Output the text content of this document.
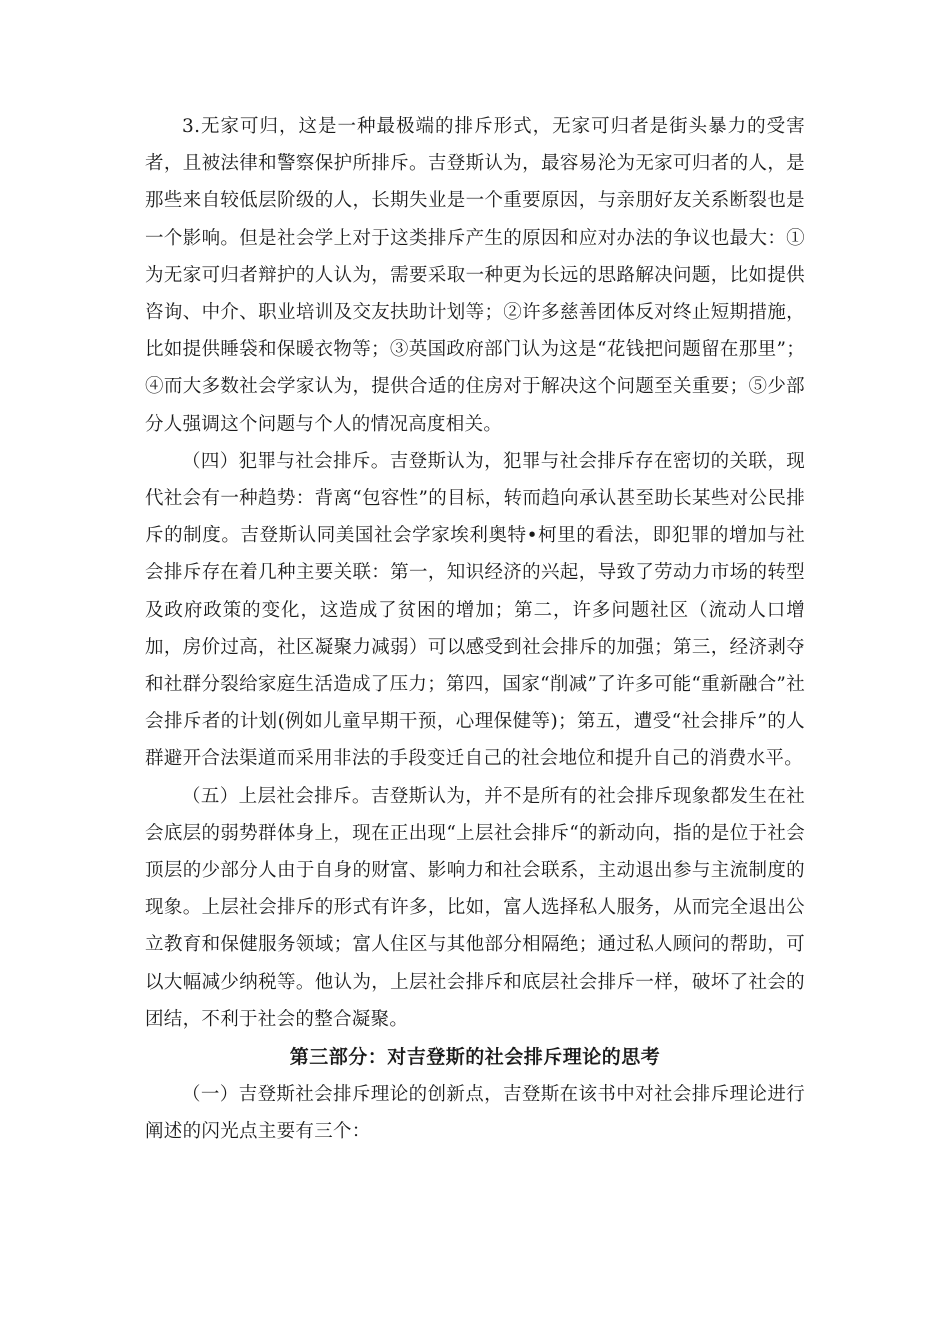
3.无家可归，这是一种最极端的排斥形式，无家可归者是街头暴力的受害者，且被法律和警察保护所排斥。吉登斯认为，最容易沦为无家可归者的人，是那些来自较低层阶级的人，长期失业是一个重要原因，与亲朋好友关系断裂也是一个影响。但是社会学上对于这类排斥产生的原因和应对办法的争议也最大：①为无家可归者辩护的人认为，需要采取一种更为长远的思路解决问题，比如提供咨询、中介、职业培训及交友扶助计划等；②许多慈善团体反对终止短期措施，比如提供睡袋和保暖衣物等；③英国政府部门认为这是“花钱把问题留在那里”；④而大多数社会学家认为，提供合适的住房对于解决这个问题至关重要；⑤少部分人强调这个问题与个人的情况高度相关。

（四）犯罪与社会排斥。吉登斯认为，犯罪与社会排斥存在密切的关联，现代社会有一种趋势：背离“包容性”的目标，转而趋向承认甚至助长某些对公民排斥的制度。吉登斯认同美国社会学家埃利奥特•柯里的看法，即犯罪的增加与社会排斥存在着几种主要关联：第一，知识经济的兴起，导致了劳动力市场的转型及政府政策的变化，这造成了贫困的增加；第二，许多问题社区（流动人口增加，房价过高，社区凝聚力减弱）可以感受到社会排斥的加强；第三，经济剥夺和社群分裂给家庭生活造成了压力；第四，国家“削减”了许多可能“重新融合”社会排斥者的计划(例如儿童早期干预，心理保健等)；第五，遭受“社会排斥”的人群避开合法渠道而采用非法的手段变迁自己的社会地位和提升自己的消费水平。

（五）上层社会排斥。吉登斯认为，并不是所有的社会排斥现象都发生在社会底层的弱势群体身上，现在正出现“上层社会排斥“的新动向，指的是位于社会顶层的少部分人由于自身的财富、影响力和社会联系，主动退出参与主流制度的现象。上层社会排斥的形式有许多，比如，富人选择私人服务，从而完全退出公立教育和保健服务领域；富人住区与其他部分相隔绝；通过私人顾问的帮助，可以大幅减少纳税等。他认为，上层社会排斥和底层社会排斥一样，破坏了社会的团结，不利于社会的整合凝聚。

第三部分：对吉登斯的社会排斥理论的思考

（一）吉登斯社会排斥理论的创新点，吉登斯在该书中对社会排斥理论进行阐述的闪光点主要有三个：
